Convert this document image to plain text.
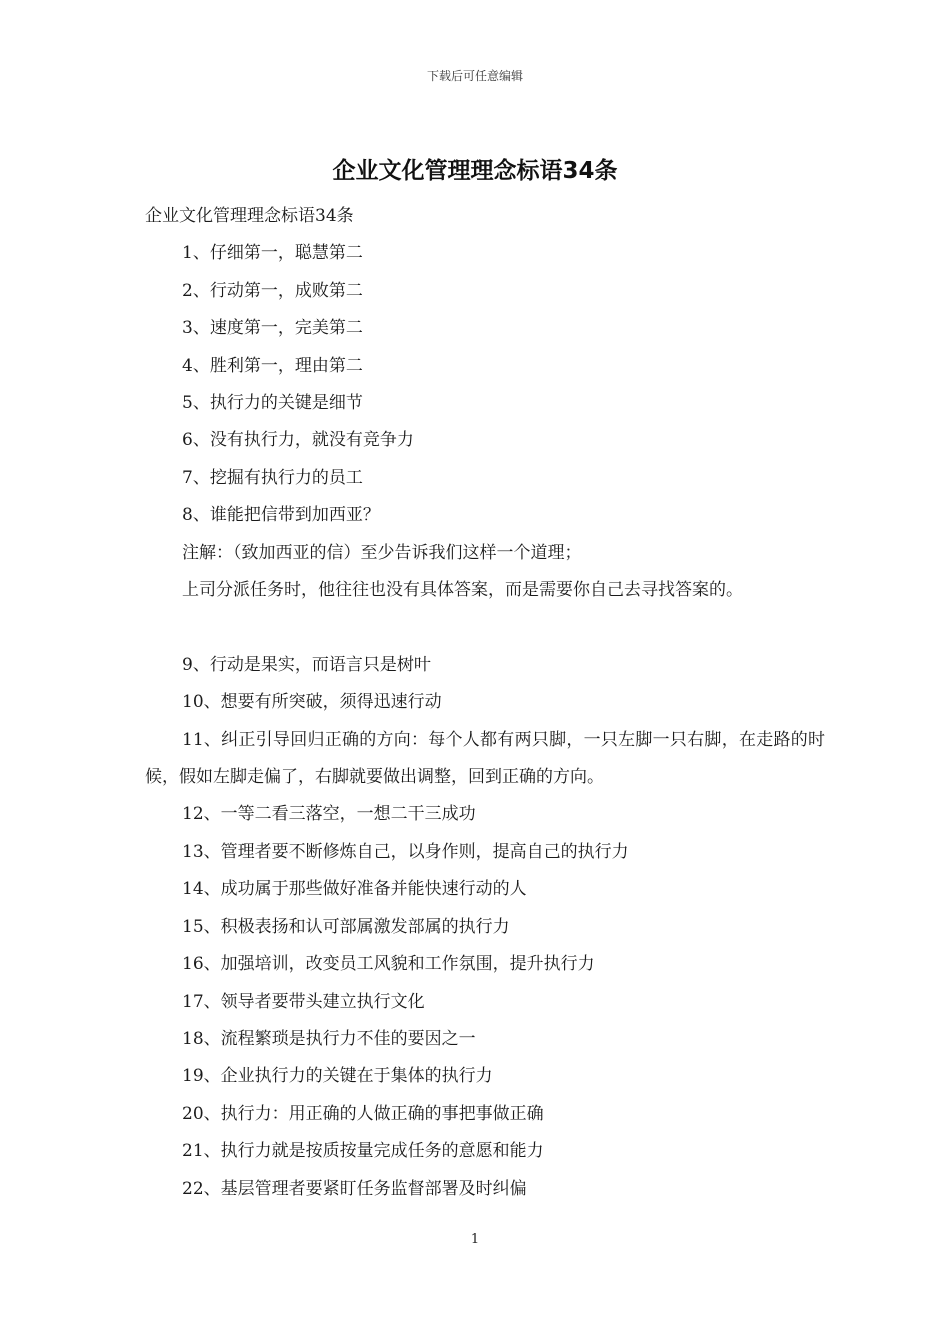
下载后可任意编辑
企业文化管理理念标语34条

企业文化管理理念标语34条

1、仔细第一，聪慧第二

2、行动第一，成败第二

3、速度第一，完美第二

4、胜利第一，理由第二

5、执行力的关键是细节

6、没有执行力，就没有竞争力

7、挖掘有执行力的员工

8、谁能把信带到加西亚？

注解：（致加西亚的信）至少告诉我们这样一个道理；

上司分派任务时，他往往也没有具体答案，而是需要你自己去寻找答案的。

9、行动是果实，而语言只是树叶

10、想要有所突破，须得迅速行动

11、纠正引导回归正确的方向：每个人都有两只脚，一只左脚一只右脚，在走路的时候，假如左脚走偏了，右脚就要做出调整，回到正确的方向。

12、一等二看三落空，一想二干三成功

13、管理者要不断修炼自己，以身作则，提高自己的执行力

14、成功属于那些做好准备并能快速行动的人

15、积极表扬和认可部属激发部属的执行力

16、加强培训，改变员工风貌和工作氛围，提升执行力

17、领导者要带头建立执行文化

18、流程繁琐是执行力不佳的要因之一

19、企业执行力的关键在于集体的执行力

20、执行力：用正确的人做正确的事把事做正确

21、执行力就是按质按量完成任务的意愿和能力

22、基层管理者要紧盯任务监督部署及时纠偏

1
